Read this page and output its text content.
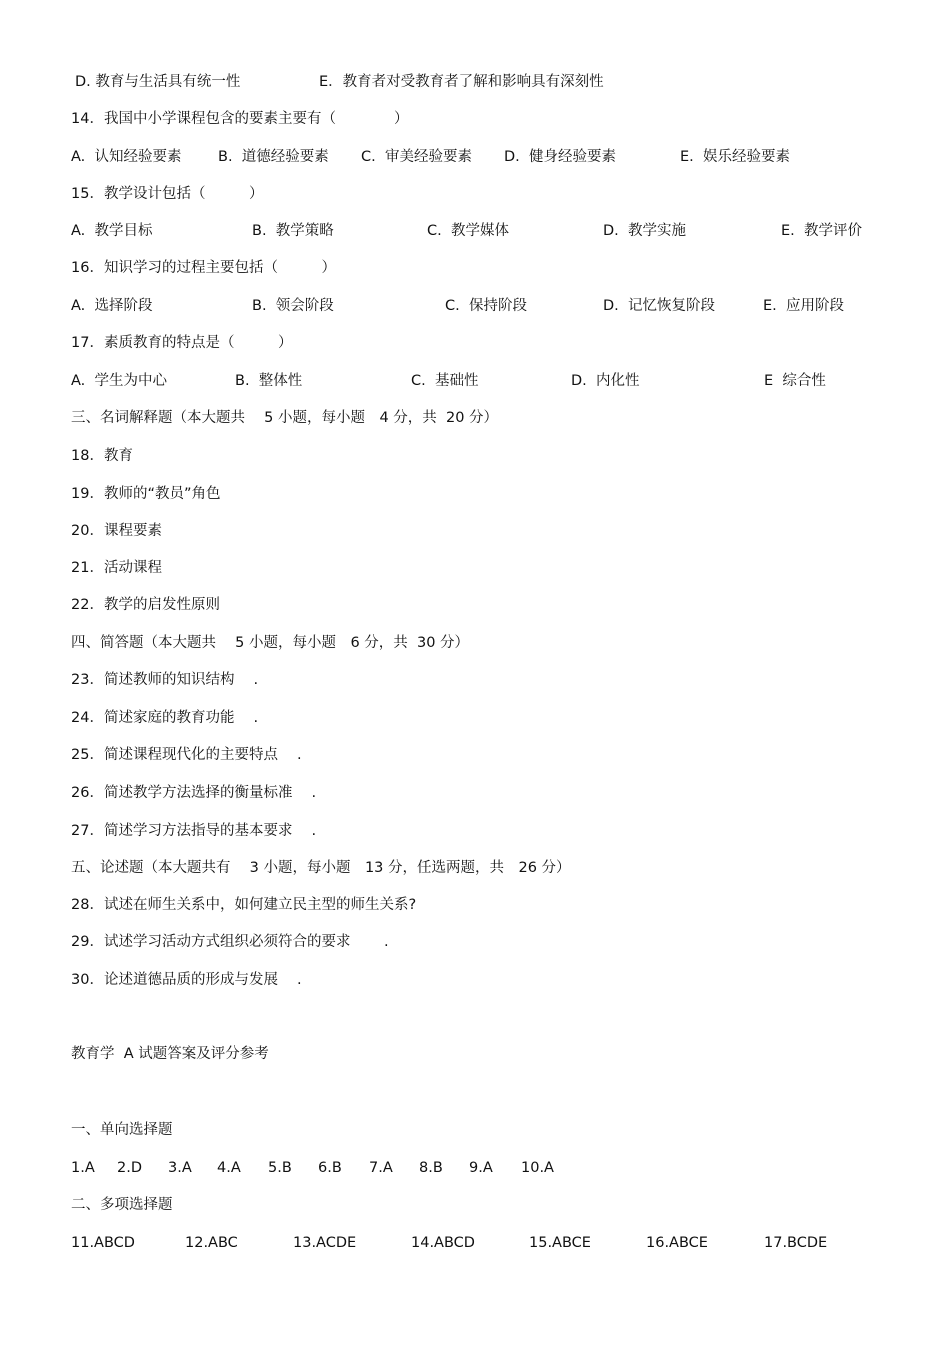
D. 教育与生活具有统一性	E．教育者对受教育者了解和影响具有深刻性
14．我国中小学课程包含的要素主要有（　　　　）
A.  认知经验要素	B.  道德经验要素 C.  审美经验要素 D.  健身经验要素	E.  娱乐经验要素
15．教学设计包括（　　　）
A.  教学目标	B.  教学策略	C.  教学媒体	D.  教学实施	E.  教学评价
16．知识学习的过程主要包括（　　　）
A.  选择阶段	B.  领会阶段	C.  保持阶段	D.  记忆恢复阶段	E.  应用阶段
17．素质教育的特点是（　　　）
A.  学生为中心	B.  整体性	C.  基础性	D.  内化性	E  综合性
三、名词解释题（本大题共　 5 小题，每小题　4 分，共  20 分）
18．教育
19．教师的“教员”角色
20．课程要素
21．活动课程
22．教学的启发性原则
四、简答题（本大题共　 5 小题，每小题　6 分，共  30 分）
23．简述教师的知识结构　 .
24．简述家庭的教育功能　 .
25．简述课程现代化的主要特点　 .
26．简述教学方法选择的衡量标准　 .
27．简述学习方法指导的基本要求　 .
五、论述题（本大题共有　 3 小题，每小题　13 分，任选两题，共　26 分）
28．试述在师生关系中，如何建立民主型的师生关系?
29．试述学习活动方式组织必须符合的要求　　 .
30．论述道德品质的形成与发展　 .
教育学  A 试题答案及评分参考
一、单向选择题
1.A 2.D 3.A 4.A 5.B 6.B 7.A 8.B 9.A 10.A
二、多项选择题
11.ABCD	12.ABC	13.ACDE	14.ABCD	15.ABCE	16.ABCE	17.BCDE
